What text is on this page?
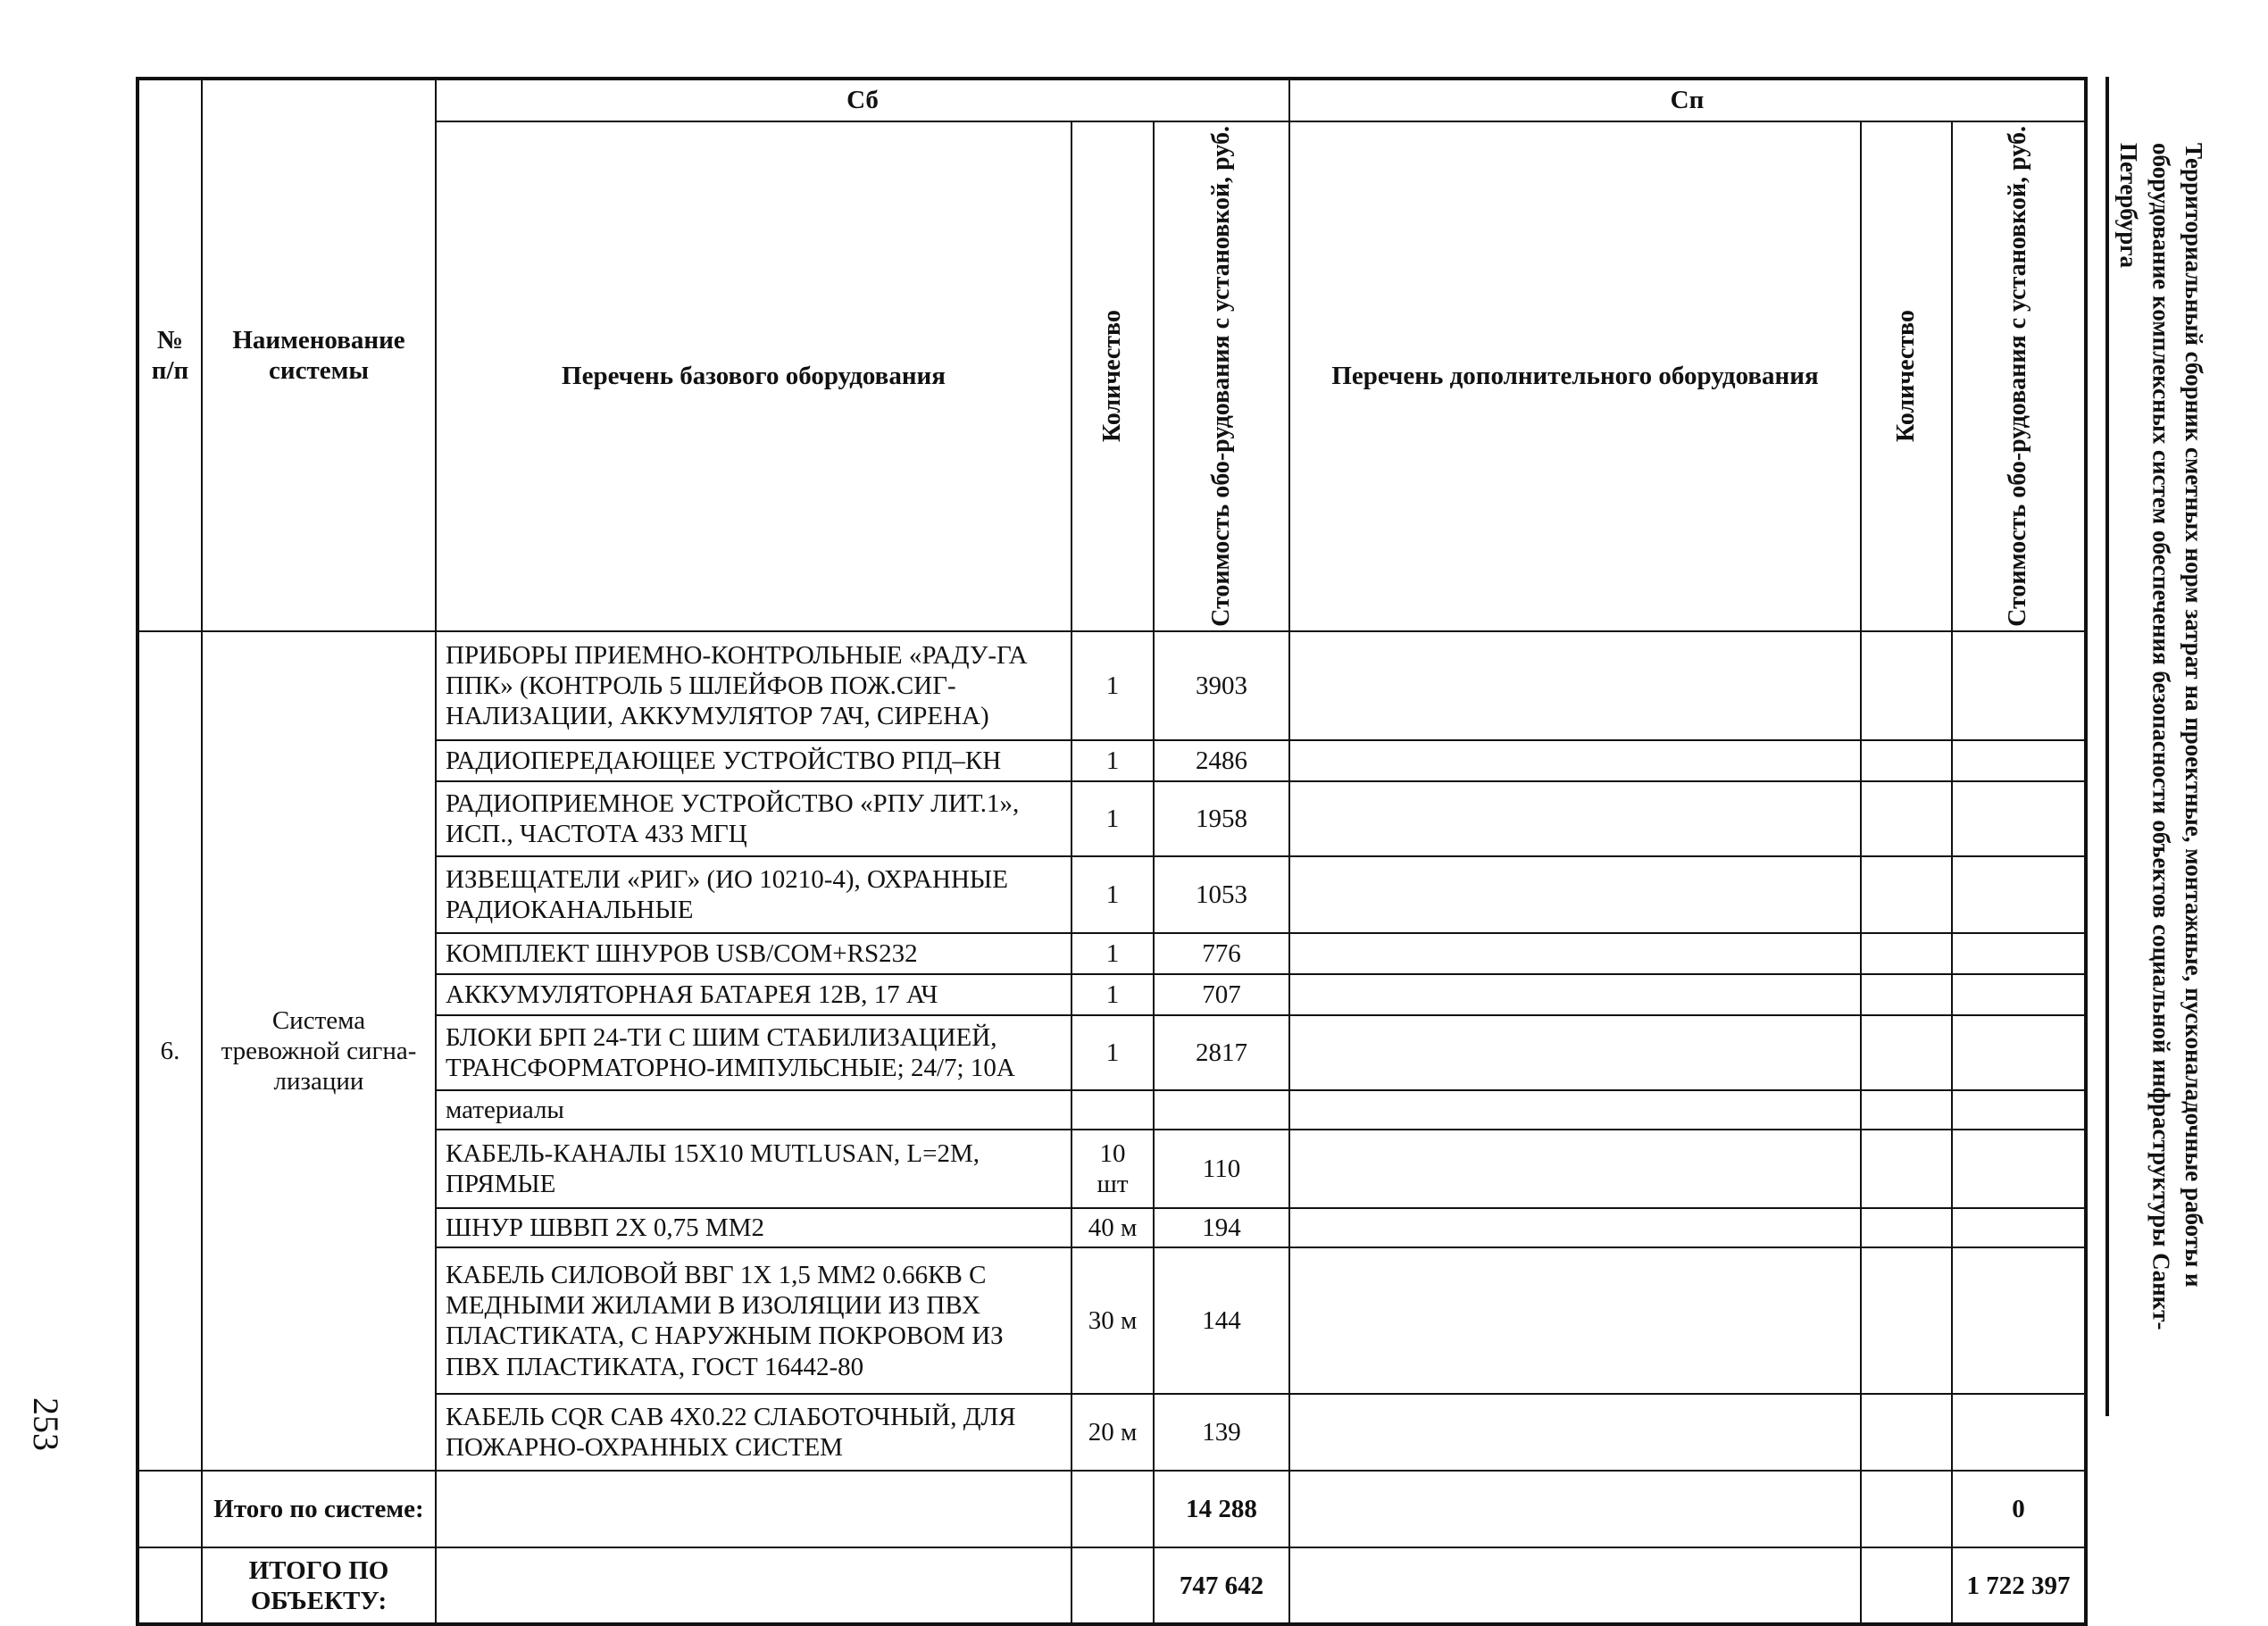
№ п/п	Наименование системы	Сб			Сп		
		Перечень базового оборудования	Количество	Стоимость обо-рудования с установкой, руб.	Перечень дополнительного оборудования	Количество	Стоимость обо-рудования с установкой, руб.

6.	Система тревожной сигна-лизации	ПРИБОРЫ ПРИЕМНО-КОНТРОЛЬНЫЕ «РАДУ-ГА ППК» (КОНТРОЛЬ 5 ШЛЕЙФОВ ПОЖ.СИГ-НАЛИЗАЦИИ, АККУМУЛЯТОР 7АЧ, СИРЕНА)	1	3903			
		РАДИОПЕРЕДАЮЩЕЕ УСТРОЙСТВО РПД–КН	1	2486			
		РАДИОПРИЕМНОЕ УСТРОЙСТВО «РПУ ЛИТ.1», ИСП., ЧАСТОТА 433 МГЦ	1	1958			
		ИЗВЕЩАТЕЛИ «РИГ» (ИО 10210-4), ОХРАННЫЕ РАДИОКАНАЛЬНЫЕ	1	1053			
		КОМПЛЕКТ ШНУРОВ USB/COM+RS232	1	776			
		АККУМУЛЯТОРНАЯ БАТАРЕЯ 12В, 17 АЧ	1	707			
		БЛОКИ БРП 24-ТИ С ШИМ СТАБИЛИЗАЦИЕЙ, ТРАНСФОРМАТОРНО-ИМПУЛЬСНЫЕ; 24/7; 10А	1	2817			
		материалы					
		КАБЕЛЬ-КАНАЛЫ 15Х10 MUTLUSAN, L=2M, ПРЯМЫЕ	10 шт	110			
		ШНУР ШВВП 2Х 0,75 ММ2	40 м	194			
		КАБЕЛЬ СИЛОВОЙ ВВГ 1Х 1,5 ММ2 0.66КВ С МЕДНЫМИ ЖИЛАМИ В ИЗОЛЯЦИИ ИЗ ПВХ ПЛАСТИКАТА, С НАРУЖНЫМ ПОКРОВОМ ИЗ ПВХ ПЛАСТИКАТА, ГОСТ 16442-80	30 м	144			
		КАБЕЛЬ CQR CAB 4Х0.22 СЛАБОТОЧНЫЙ, ДЛЯ ПОЖАРНО-ОХРАННЫХ СИСТЕМ	20 м	139			
	Итого по системе:			14 288			0
	ИТОГО ПО ОБЪЕКТУ:			747 642			1 722 397
Территориальный сборник сметных норм затрат на проектные, монтажные, пусконаладочные работы и оборудование комплексных систем обеспечения безопасности объектов социальной инфраструктуры Санкт-Петербурга
253
